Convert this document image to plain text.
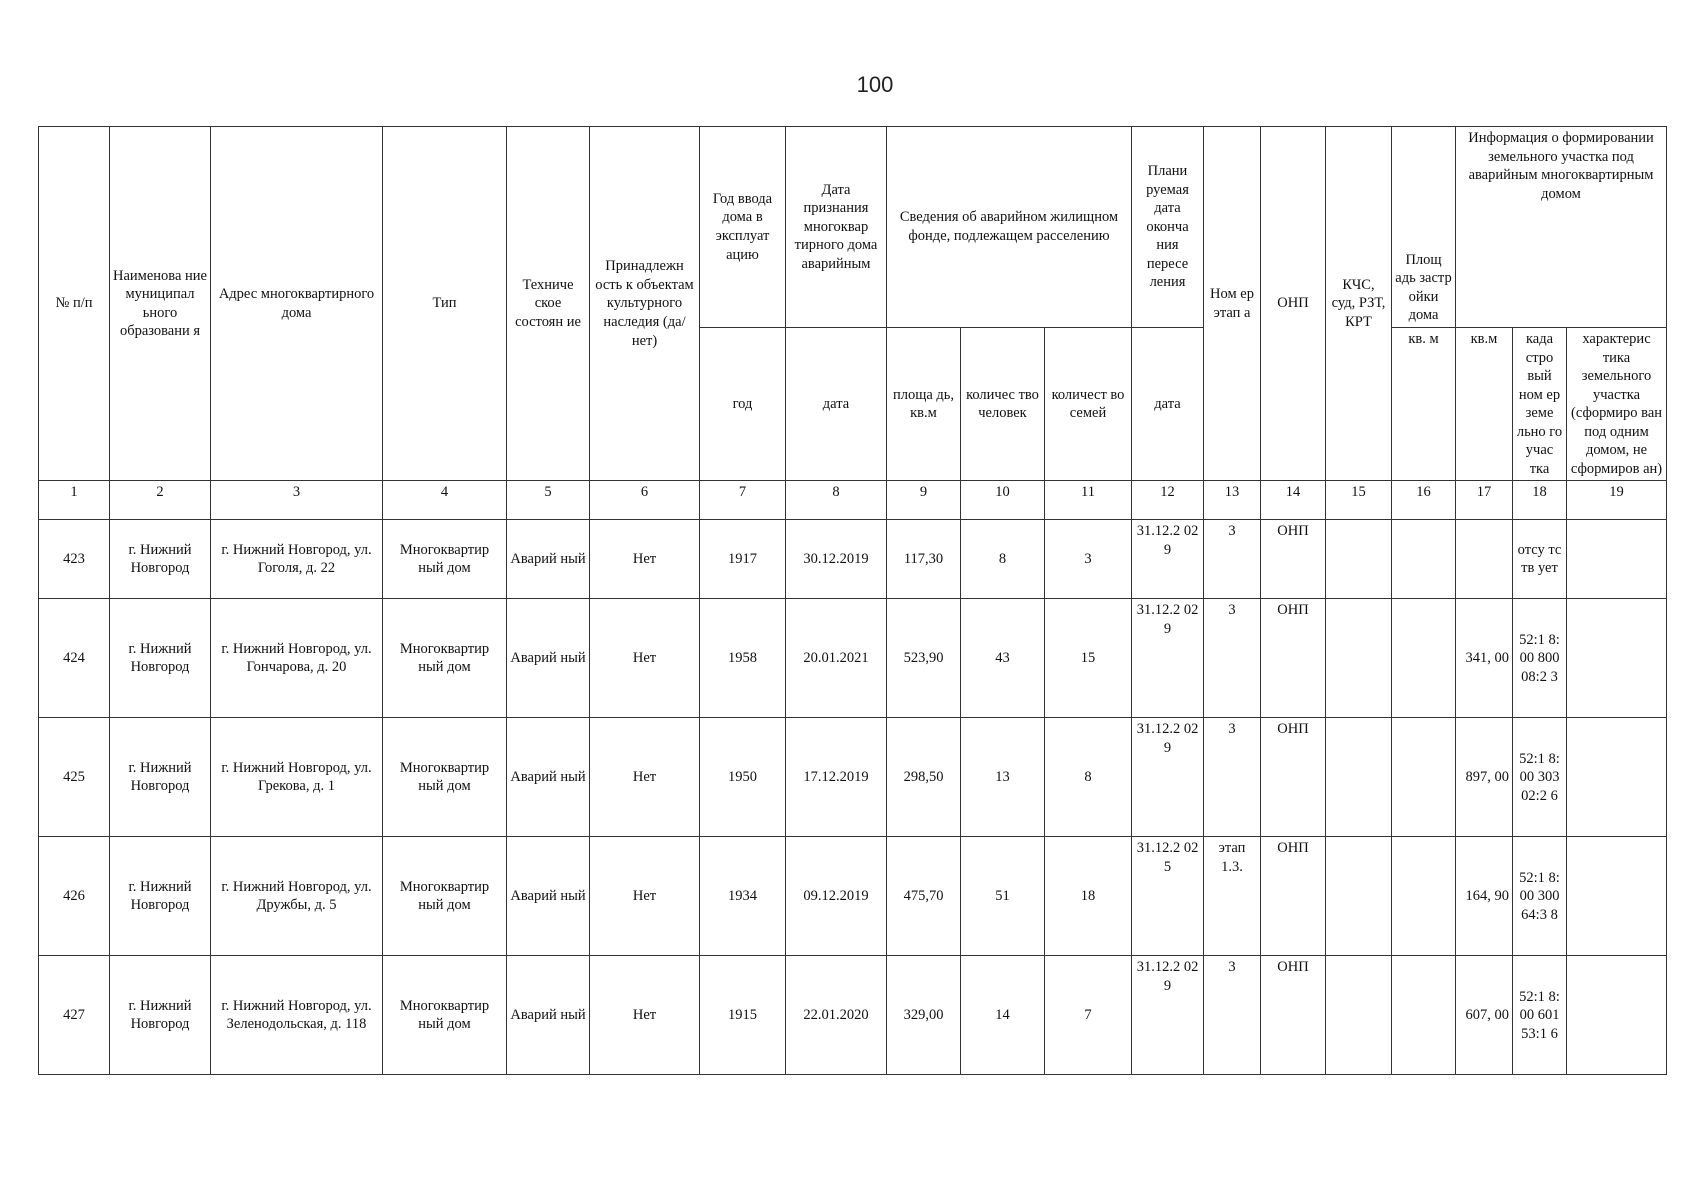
100
№ п/п	Наименова ние муниципал ьного образовани я	Адрес многоквартирного дома	Тип	Техниче ское состоян ие	Принадлежн ость к объектам культурного наследия (да/нет)	Год ввода дома в эксплуат ацию	Дата признания многоквар тирного дома аварийным	Сведения об аварийном жилищном фонде, подлежащем расселению			Плани руемая дата оконча ния пересе ления	Ном ер этап а	ОНП	КЧС, суд, РЗТ, КРТ	Площ адь застр ойки дома	Информация о формировании земельного участка под аварийным многоквартирным домом		
						год	дата	площа дь, кв.м	количес тво человек	количест во семей	дата				кв. м	кв.м	када стро вый ном ер земе льно го учас тка	характерис тика земельного участка (сформиро ван под одним домом, не сформиров ан)
1	2	3	4	5	6	7	8	9	10	11	12	13	14	15	16	17	18	19
423	г. Нижний Новгород	г. Нижний Новгород, ул. Гоголя, д. 22	Многоквартир ный дом	Аварий ный	Нет	1917	30.12.2019	117,30	8	3	31.12.2 029	3	ОНП				отсу тств ует	
424	г. Нижний Новгород	г. Нижний Новгород, ул. Гончарова, д. 20	Многоквартир ный дом	Аварий ный	Нет	1958	20.01.2021	523,90	43	15	31.12.2 029	3	ОНП			341, 00	52:1 8:00 800 08:2 3	
425	г. Нижний Новгород	г. Нижний Новгород, ул. Грекова, д. 1	Многоквартир ный дом	Аварий ный	Нет	1950	17.12.2019	298,50	13	8	31.12.2 029	3	ОНП			897, 00	52:1 8:00 303 02:2 6	
426	г. Нижний Новгород	г. Нижний Новгород, ул. Дружбы, д. 5	Многоквартир ный дом	Аварий ный	Нет	1934	09.12.2019	475,70	51	18	31.12.2 025	этап 1.3.	ОНП			164, 90	52:1 8:00 300 64:3 8	
427	г. Нижний Новгород	г. Нижний Новгород, ул. Зеленодольская, д. 118	Многоквартир ный дом	Аварий ный	Нет	1915	22.01.2020	329,00	14	7	31.12.2 029	3	ОНП			607, 00	52:1 8:00 601 53:1 6	
